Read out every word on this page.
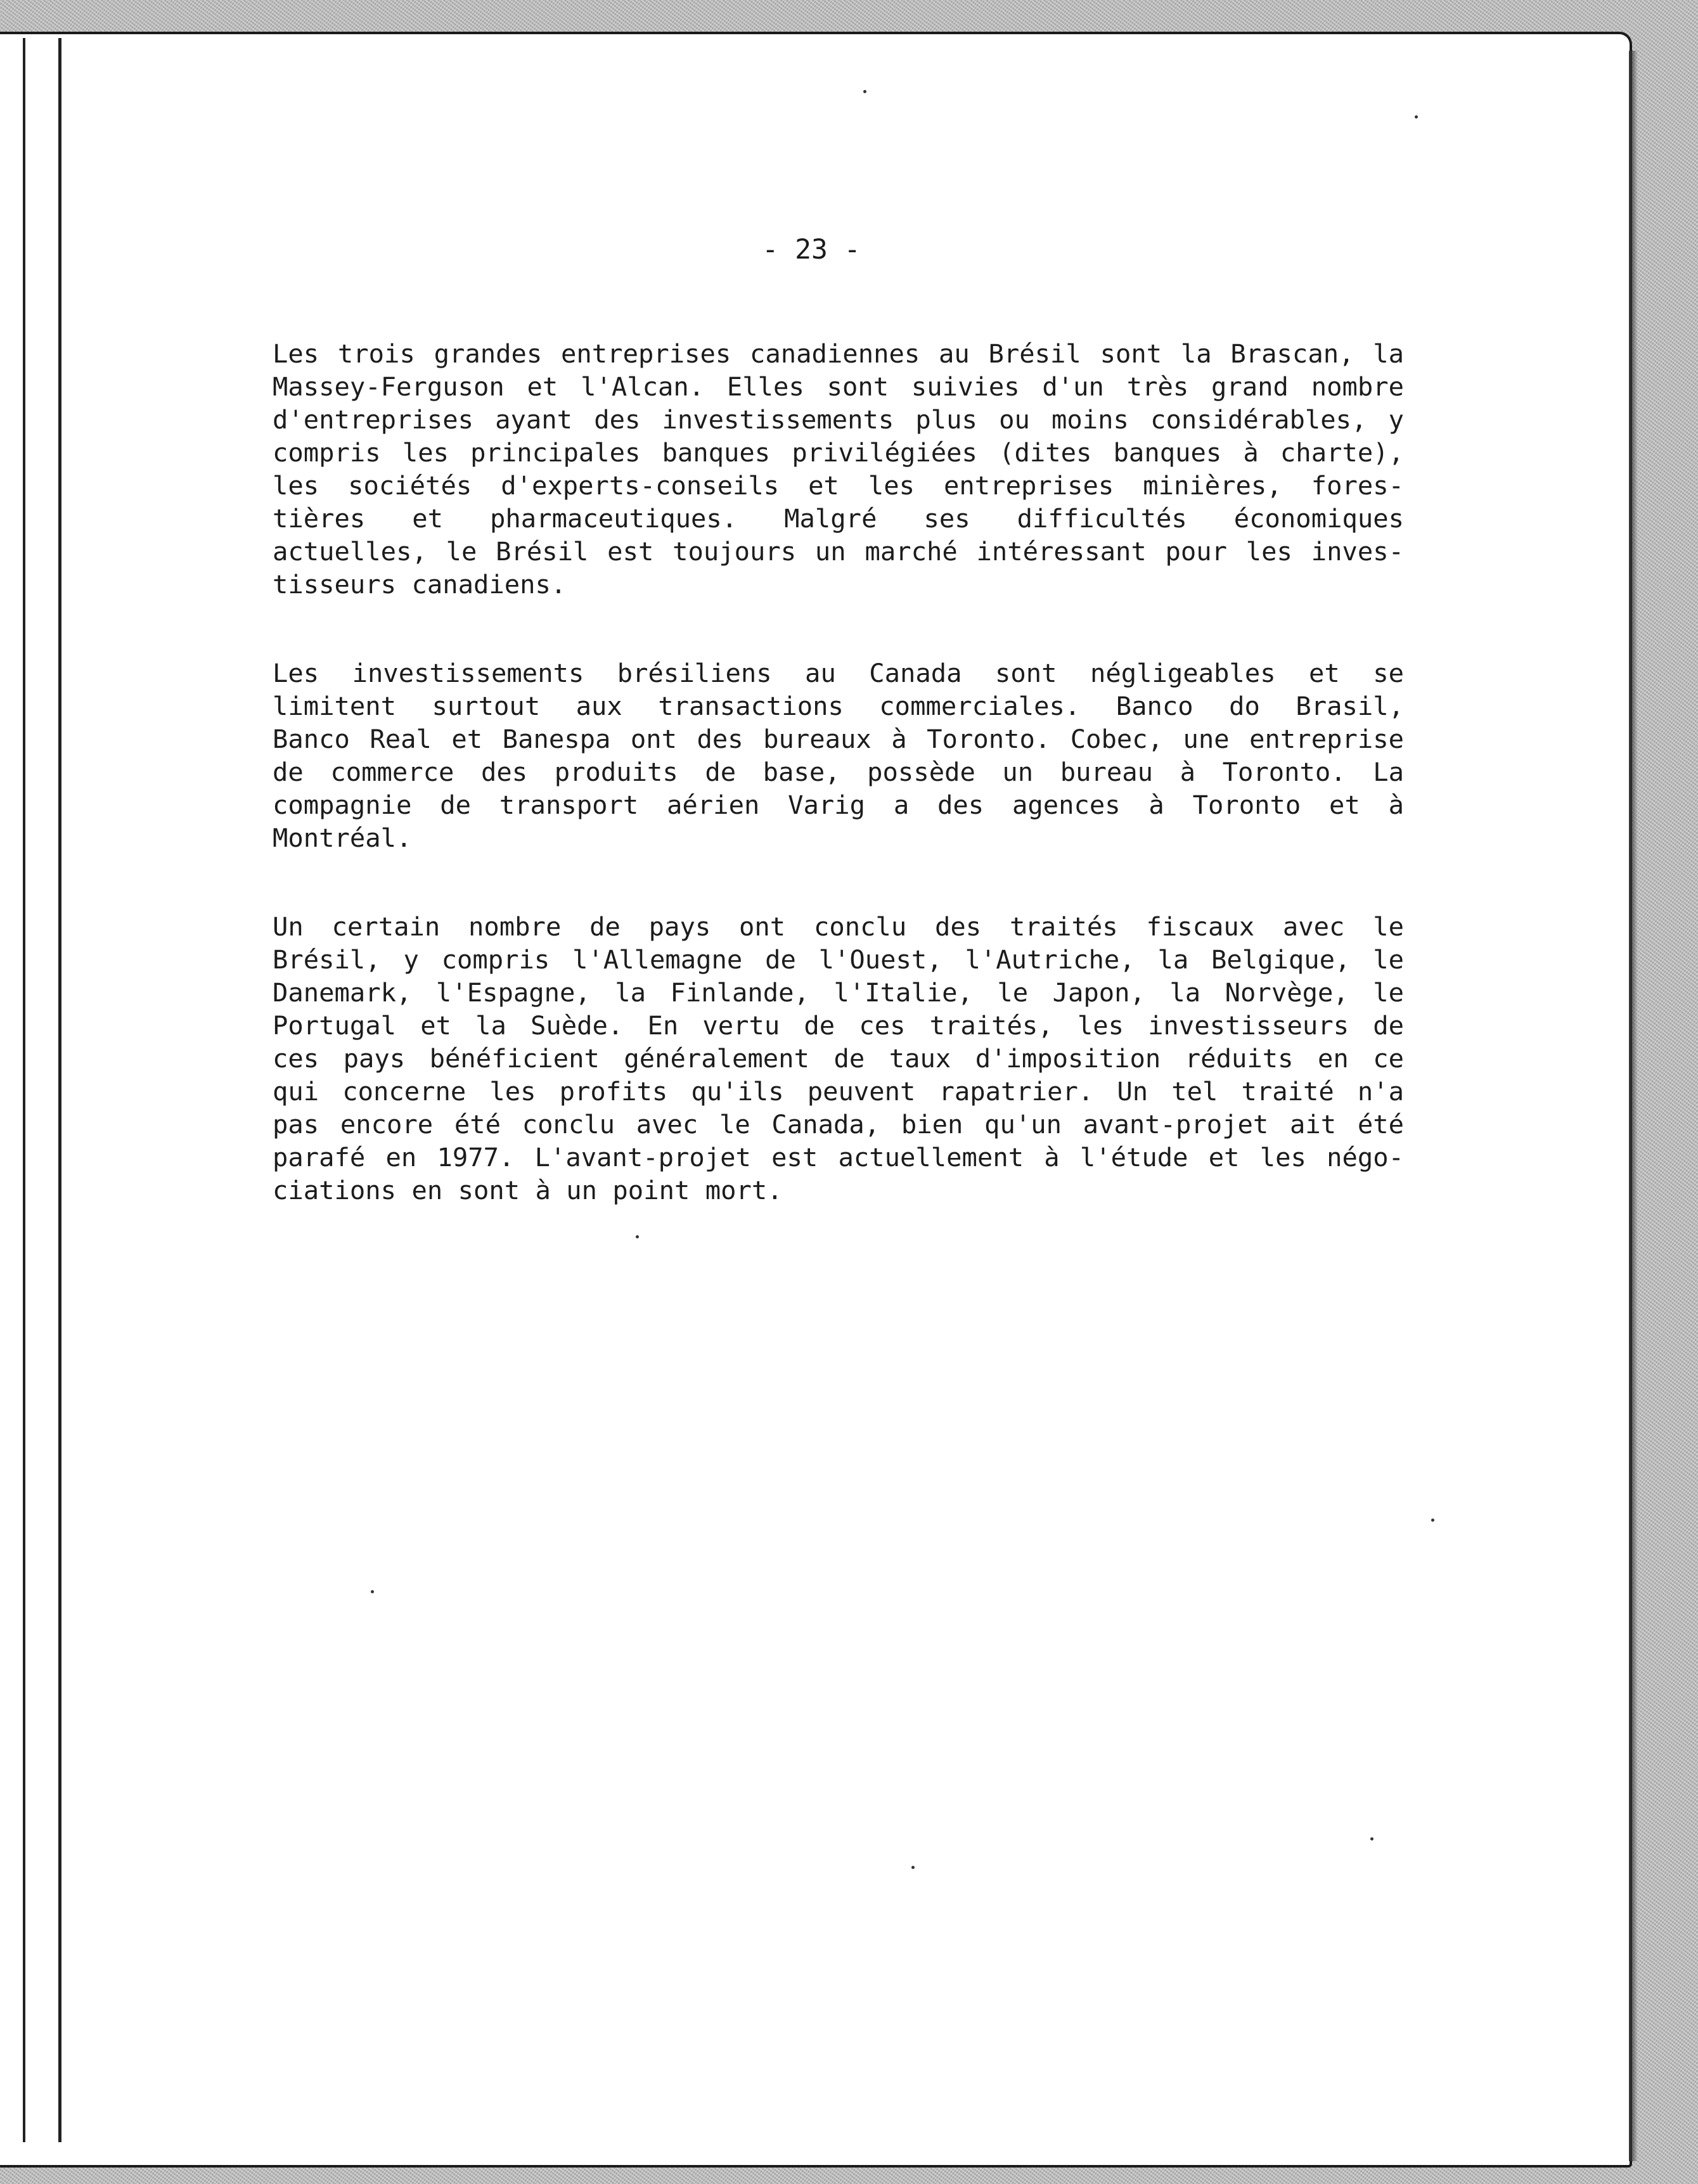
- 23 -
Les trois grandes entreprises canadiennes au Brésil sont la Brascan, la
Massey-Ferguson et l'Alcan. Elles sont suivies d'un très grand nombre
d'entreprises ayant des investissements plus ou moins considérables, y
compris les principales banques privilégiées (dites banques à charte),
les sociétés d'experts-conseils et les entreprises minières, fores-
tières et pharmaceutiques. Malgré ses difficultés économiques
actuelles, le Brésil est toujours un marché intéressant pour les inves-
tisseurs canadiens.
Les investissements brésiliens au Canada sont négligeables et se
limitent surtout aux transactions commerciales. Banco do Brasil,
Banco Real et Banespa ont des bureaux à Toronto. Cobec, une entreprise
de commerce des produits de base, possède un bureau à Toronto. La
compagnie de transport aérien Varig a des agences à Toronto et à
Montréal.
Un certain nombre de pays ont conclu des traités fiscaux avec le
Brésil, y compris l'Allemagne de l'Ouest, l'Autriche, la Belgique, le
Danemark, l'Espagne, la Finlande, l'Italie, le Japon, la Norvège, le
Portugal et la Suède. En vertu de ces traités, les investisseurs de
ces pays bénéficient généralement de taux d'imposition réduits en ce
qui concerne les profits qu'ils peuvent rapatrier. Un tel traité n'a
pas encore été conclu avec le Canada, bien qu'un avant-projet ait été
parafé en 1977. L'avant-projet est actuellement à l'étude et les négo-
ciations en sont à un point mort.
